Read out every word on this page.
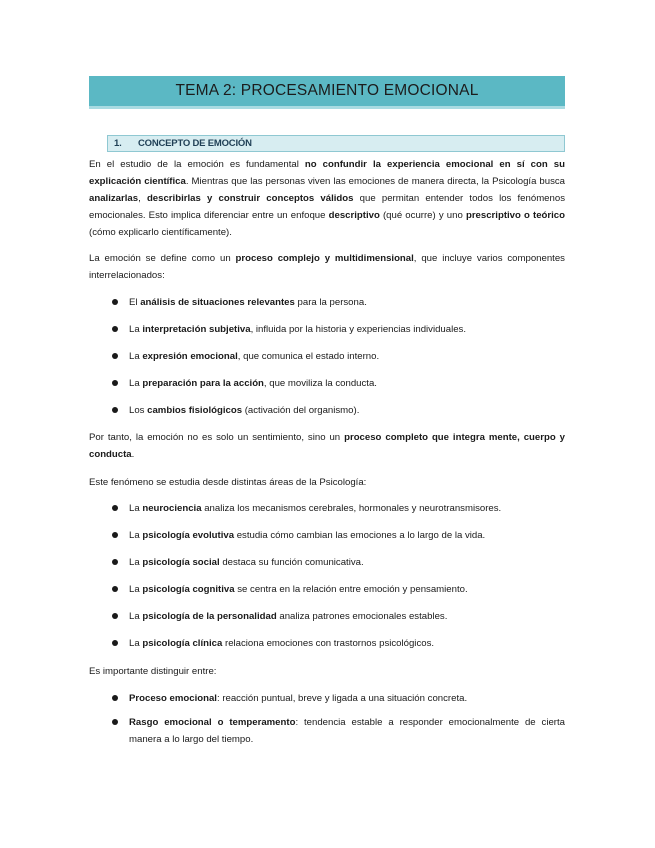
TEMA 2: PROCESAMIENTO EMOCIONAL
1.	CONCEPTO DE EMOCIÓN
En el estudio de la emoción es fundamental no confundir la experiencia emocional en sí con su explicación científica. Mientras que las personas viven las emociones de manera directa, la Psicología busca analizarlas, describirlas y construir conceptos válidos que permitan entender todos los fenómenos emocionales. Esto implica diferenciar entre un enfoque descriptivo (qué ocurre) y uno prescriptivo o teórico (cómo explicarlo científicamente).
La emoción se define como un proceso complejo y multidimensional, que incluye varios componentes interrelacionados:
El análisis de situaciones relevantes para la persona.
La interpretación subjetiva, influida por la historia y experiencias individuales.
La expresión emocional, que comunica el estado interno.
La preparación para la acción, que moviliza la conducta.
Los cambios fisiológicos (activación del organismo).
Por tanto, la emoción no es solo un sentimiento, sino un proceso completo que integra mente, cuerpo y conducta.
Este fenómeno se estudia desde distintas áreas de la Psicología:
La neurociencia analiza los mecanismos cerebrales, hormonales y neurotransmisores.
La psicología evolutiva estudia cómo cambian las emociones a lo largo de la vida.
La psicología social destaca su función comunicativa.
La psicología cognitiva se centra en la relación entre emoción y pensamiento.
La psicología de la personalidad analiza patrones emocionales estables.
La psicología clínica relaciona emociones con trastornos psicológicos.
Es importante distinguir entre:
Proceso emocional: reacción puntual, breve y ligada a una situación concreta.
Rasgo emocional o temperamento: tendencia estable a responder emocionalmente de cierta manera a lo largo del tiempo.
